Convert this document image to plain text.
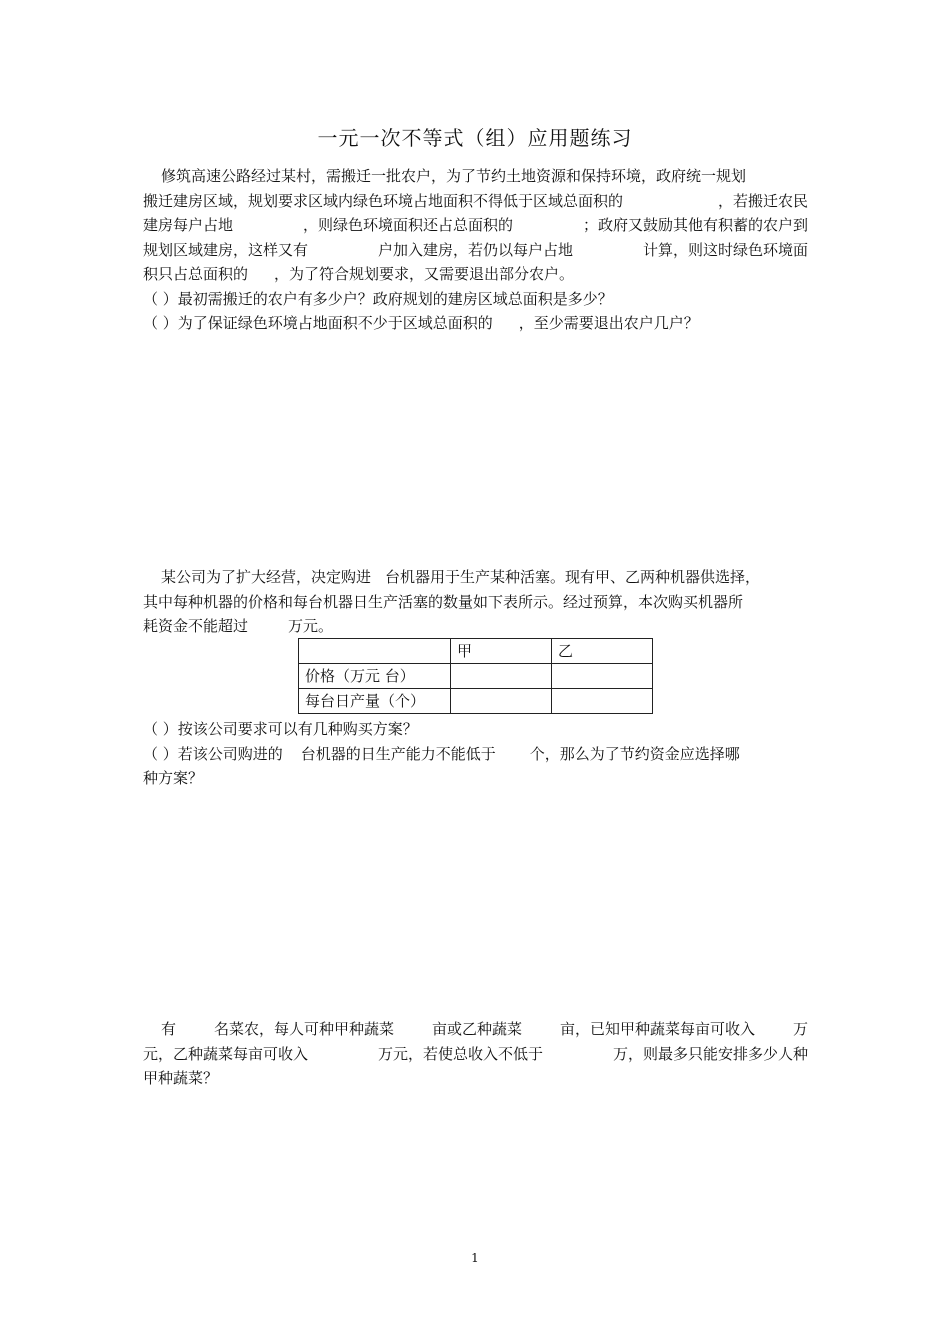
一元一次不等式（组）应用题练习
修筑高速公路经过某村，需搬迁一批农户，为了节约土地资源和保持环境，政府统一规划
搬迁建房区域，规划要求区域内绿色环境占地面积不得低于区域总面积的	，若搬迁农民
建房每户占地	，则绿色环境面积还占总面积的	；政府又鼓励其他有积蓄的农户到
规划区域建房，这样又有	户加入建房，若仍以每户占地	计算，则这时绿色环境面
积只占总面积的 ，为了符合规划要求，又需要退出部分农户。
（ ）最初需搬迁的农户有多少户？政府规划的建房区域总面积是多少？
（ ）为了保证绿色环境占地面积不少于区域总面积的 ，至少需要退出农户几户？
某公司为了扩大经营，决定购进 台机器用于生产某种活塞。现有甲、乙两种机器供选择，
其中每种机器的价格和每台机器日生产活塞的数量如下表所示。经过预算，本次购买机器所
耗资金不能超过	万元。
	甲	乙
价格（万元 台）		
每台日产量（个）		
（ ）按该公司要求可以有几种购买方案？
（ ）若该公司购进的 台机器的日生产能力不能低于 个，那么为了节约资金应选择哪
种方案？
有	名菜农，每人可种甲种蔬菜	亩或乙种蔬菜	亩，已知甲种蔬菜每亩可收入	万
元，乙种蔬菜每亩可收入	万元，若使总收入不低于	万，则最多只能安排多少人种
甲种蔬菜？
1
